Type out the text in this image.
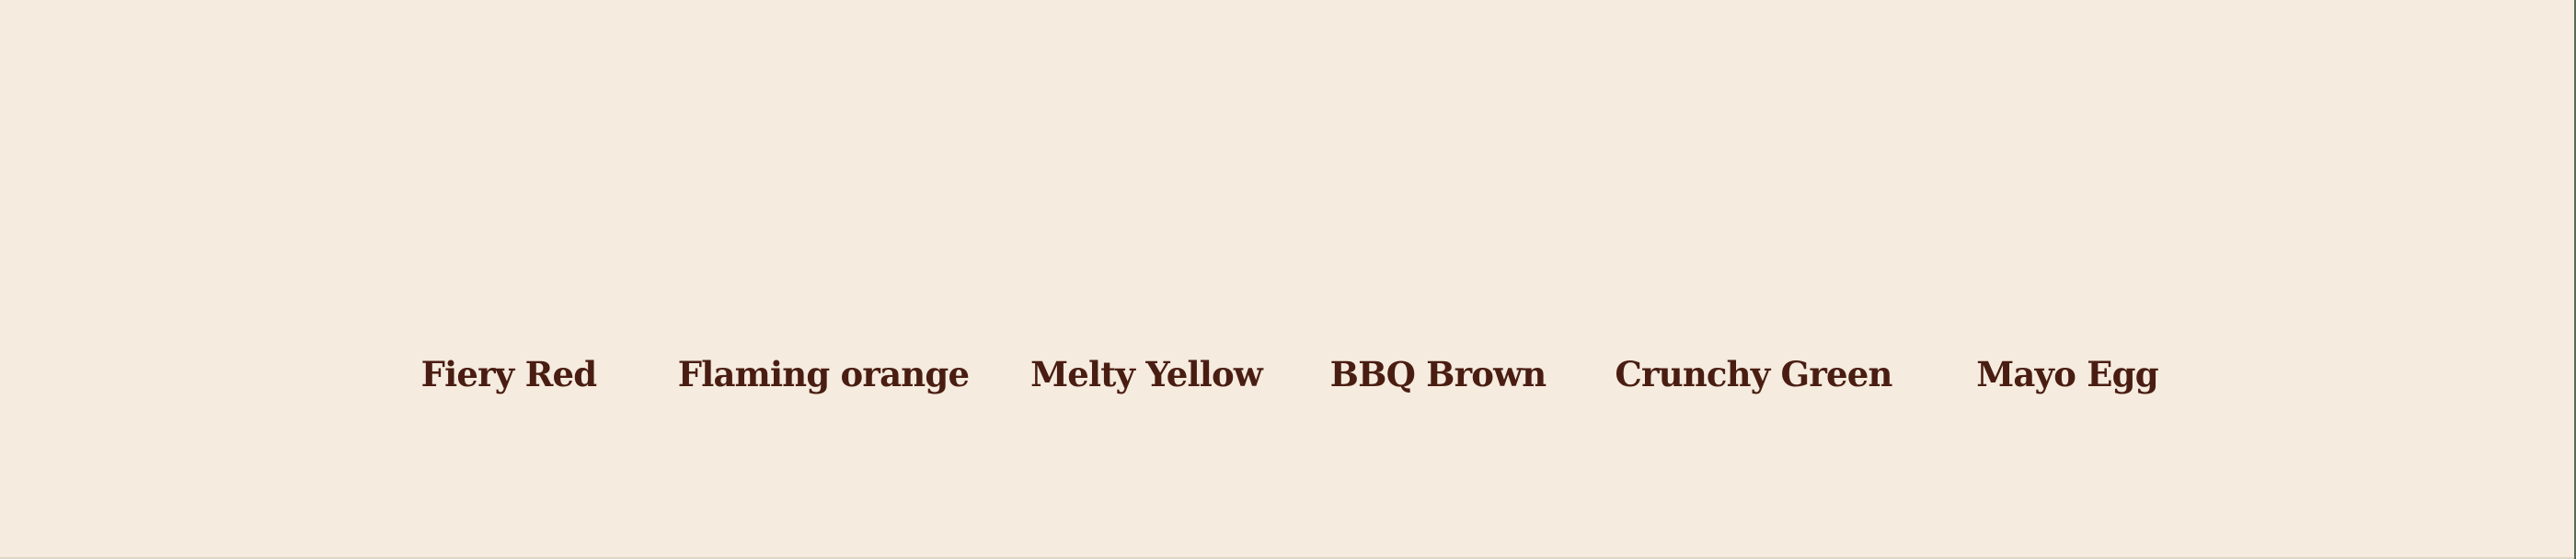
Fiery Red Flaming orange Melty Yellow BBQ Brown Crunchy Green Mayo Egg
